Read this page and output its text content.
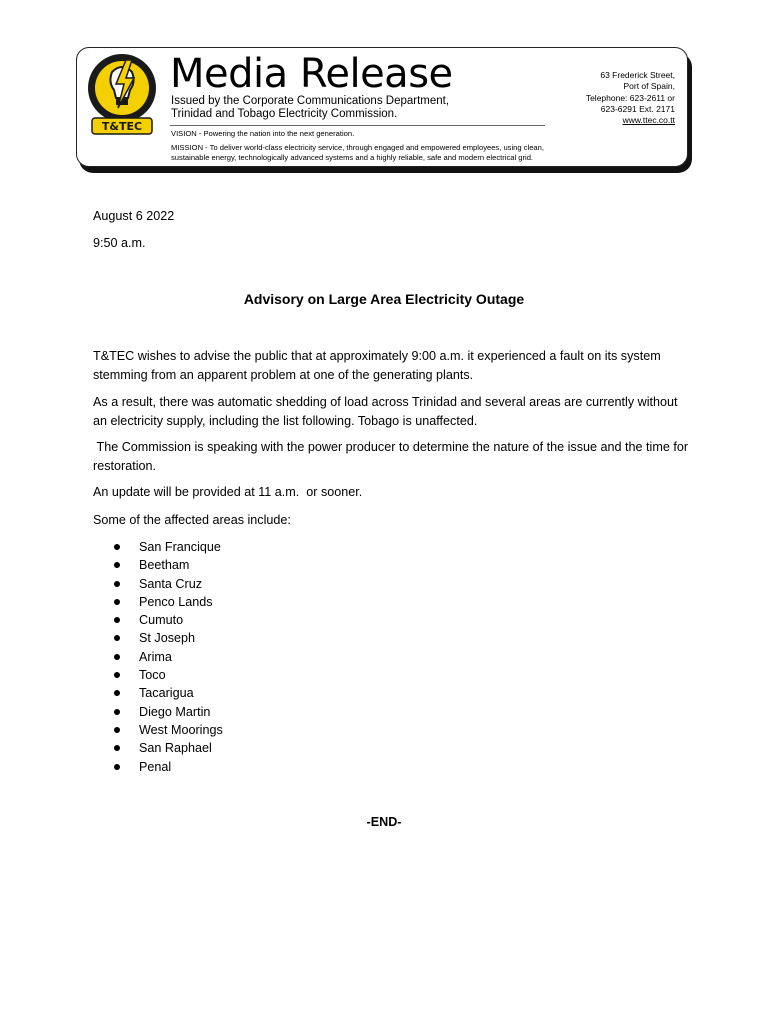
T&TEC
Media Release
Issued by the Corporate Communications Department,
Trinidad and Tobago Electricity Commission.
VISION - Powering the nation into the next generation.
MISSION - To deliver world-class electricity service, through engaged and empowered employees, using clean,
sustainable energy, technologically advanced systems and a highly reliable, safe and modern electrical grid.
63 Frederick Street,
Port of Spain,
Telephone: 623-2611 or
623-6291 Ext. 2171
www.ttec.co.tt
August 6 2022
9:50 a.m.
Advisory on Large Area Electricity Outage
T&TEC wishes to advise the public that at approximately 9:00 a.m. it experienced a fault on its system stemming from an apparent problem at one of the generating plants.
As a result, there was automatic shedding of load across Trinidad and several areas are currently without an electricity supply, including the list following. Tobago is unaffected.
The Commission is speaking with the power producer to determine the nature of the issue and the time for restoration.
An update will be provided at 11 a.m.  or sooner.
Some of the affected areas include:
San Francique
Beetham
Santa Cruz
Penco Lands
Cumuto
St Joseph
Arima
Toco
Tacarigua
Diego Martin
West Moorings
San Raphael
Penal
-END-
